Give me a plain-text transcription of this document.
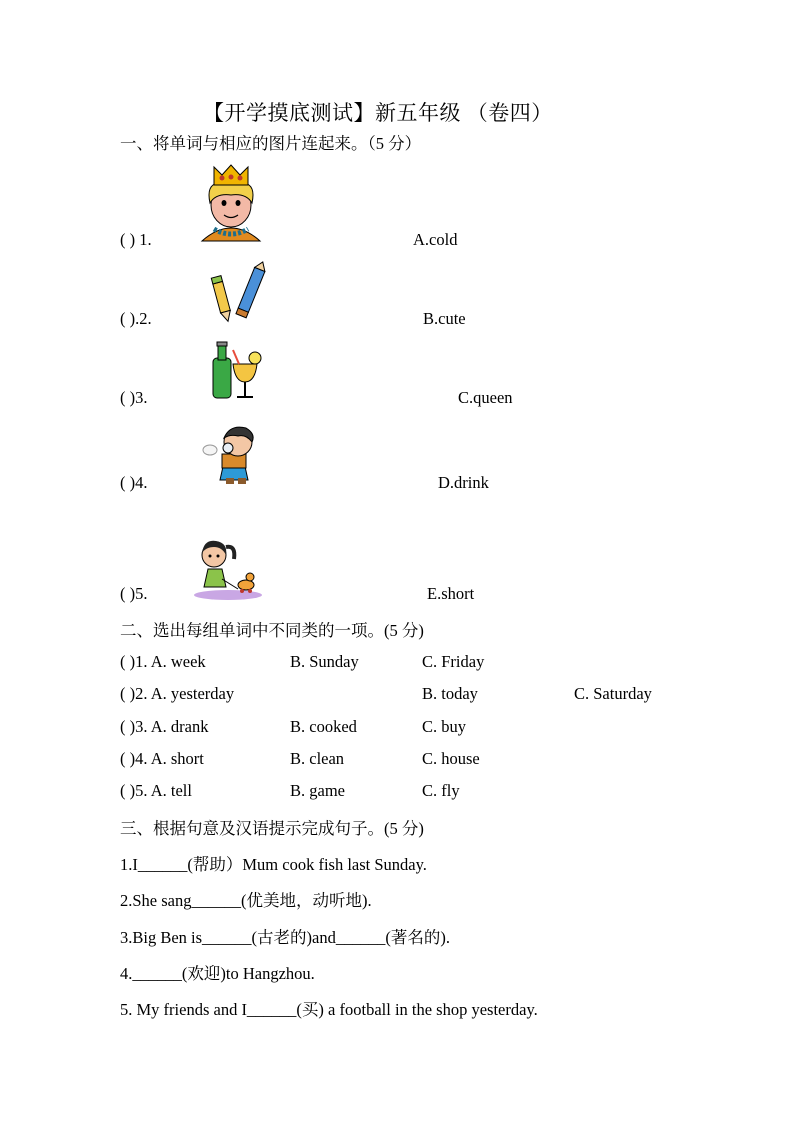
【开学摸底测试】新五年级 （卷四）
一、将单词与相应的图片连起来。（5 分）
( ) 1.	A.cold
( ).2.	B.cute
( )3.	C.queen
( )4.	D.drink
( )5.	E.short
二、选出每组单词中不同类的一项。(5 分)
( )1. A. week	B. Sunday	C. Friday
( )2. A. yesterday	B. today	C. Saturday
( )3. A. drank	B. cooked	C. buy
( )4. A. short	B. clean	C. house
( )5. A. tell	B. game	C. fly
三、根据句意及汉语提示完成句子。(5 分)
1.I______(帮助）Mum cook fish last Sunday.
2.She sang______(优美地，动听地).
3.Big Ben is______(古老的)and______(著名的).
4.______(欢迎)to Hangzhou.
5. My friends and I______(买) a football in the shop yesterday.
